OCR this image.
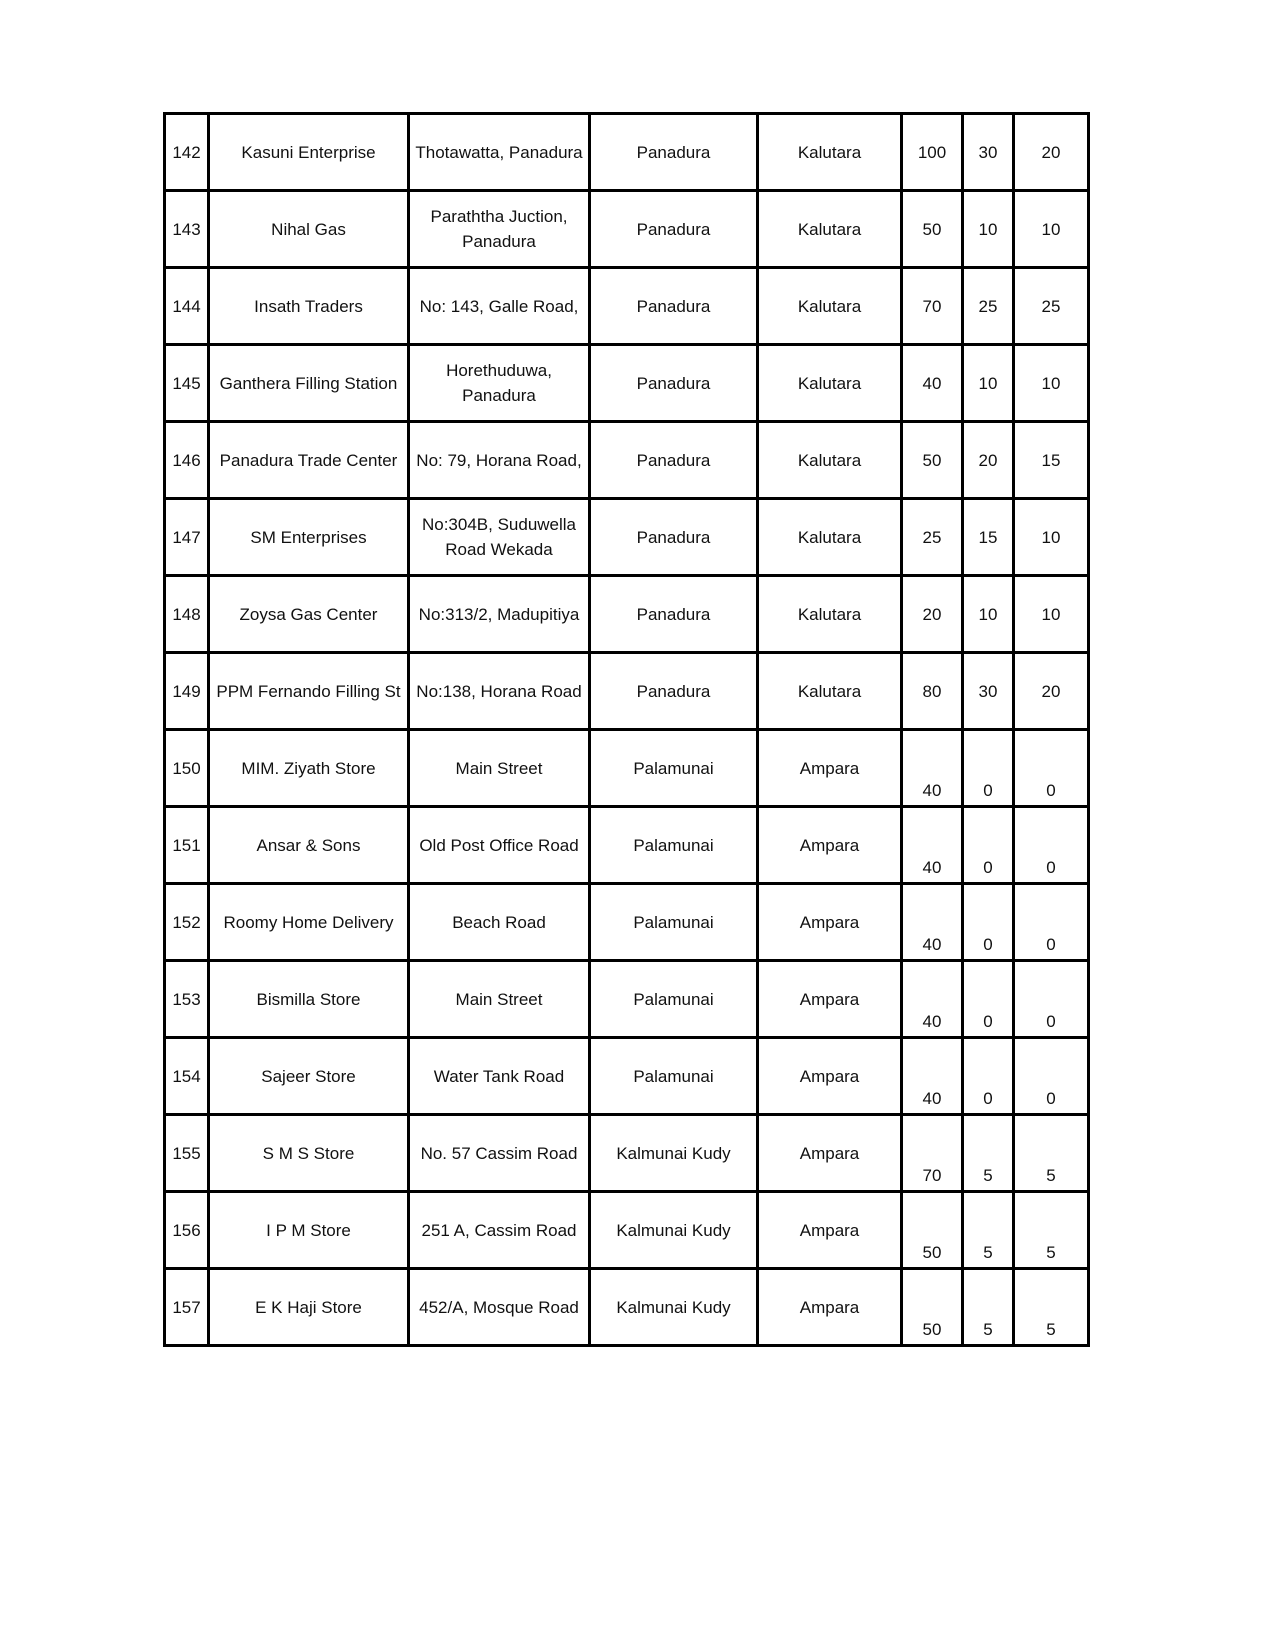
142	Kasuni Enterprise	Thotawatta, Panadura	Panadura	Kalutara	100	30	20
143	Nihal Gas	Paraththa Juction, Panadura	Panadura	Kalutara	50	10	10
144	Insath Traders	No: 143, Galle Road,	Panadura	Kalutara	70	25	25
145	Ganthera Filling Station	Horethuduwa, Panadura	Panadura	Kalutara	40	10	10
146	Panadura Trade Center	No: 79, Horana Road,	Panadura	Kalutara	50	20	15
147	SM Enterprises	No:304B, Suduwella Road Wekada	Panadura	Kalutara	25	15	10
148	Zoysa Gas Center	No:313/2, Madupitiya	Panadura	Kalutara	20	10	10
149	PPM Fernando Filling St	No:138, Horana Road	Panadura	Kalutara	80	30	20
150	MIM. Ziyath Store	Main Street	Palamunai	Ampara	40	0	0
151	Ansar & Sons	Old Post Office Road	Palamunai	Ampara	40	0	0
152	Roomy Home Delivery	Beach Road	Palamunai	Ampara	40	0	0
153	Bismilla Store	Main Street	Palamunai	Ampara	40	0	0
154	Sajeer Store	Water Tank Road	Palamunai	Ampara	40	0	0
155	S M S Store	No. 57 Cassim Road	Kalmunai Kudy	Ampara	70	5	5
156	I P M Store	251 A, Cassim Road	Kalmunai Kudy	Ampara	50	5	5
157	E K Haji Store	452/A, Mosque Road	Kalmunai Kudy	Ampara	50	5	5
